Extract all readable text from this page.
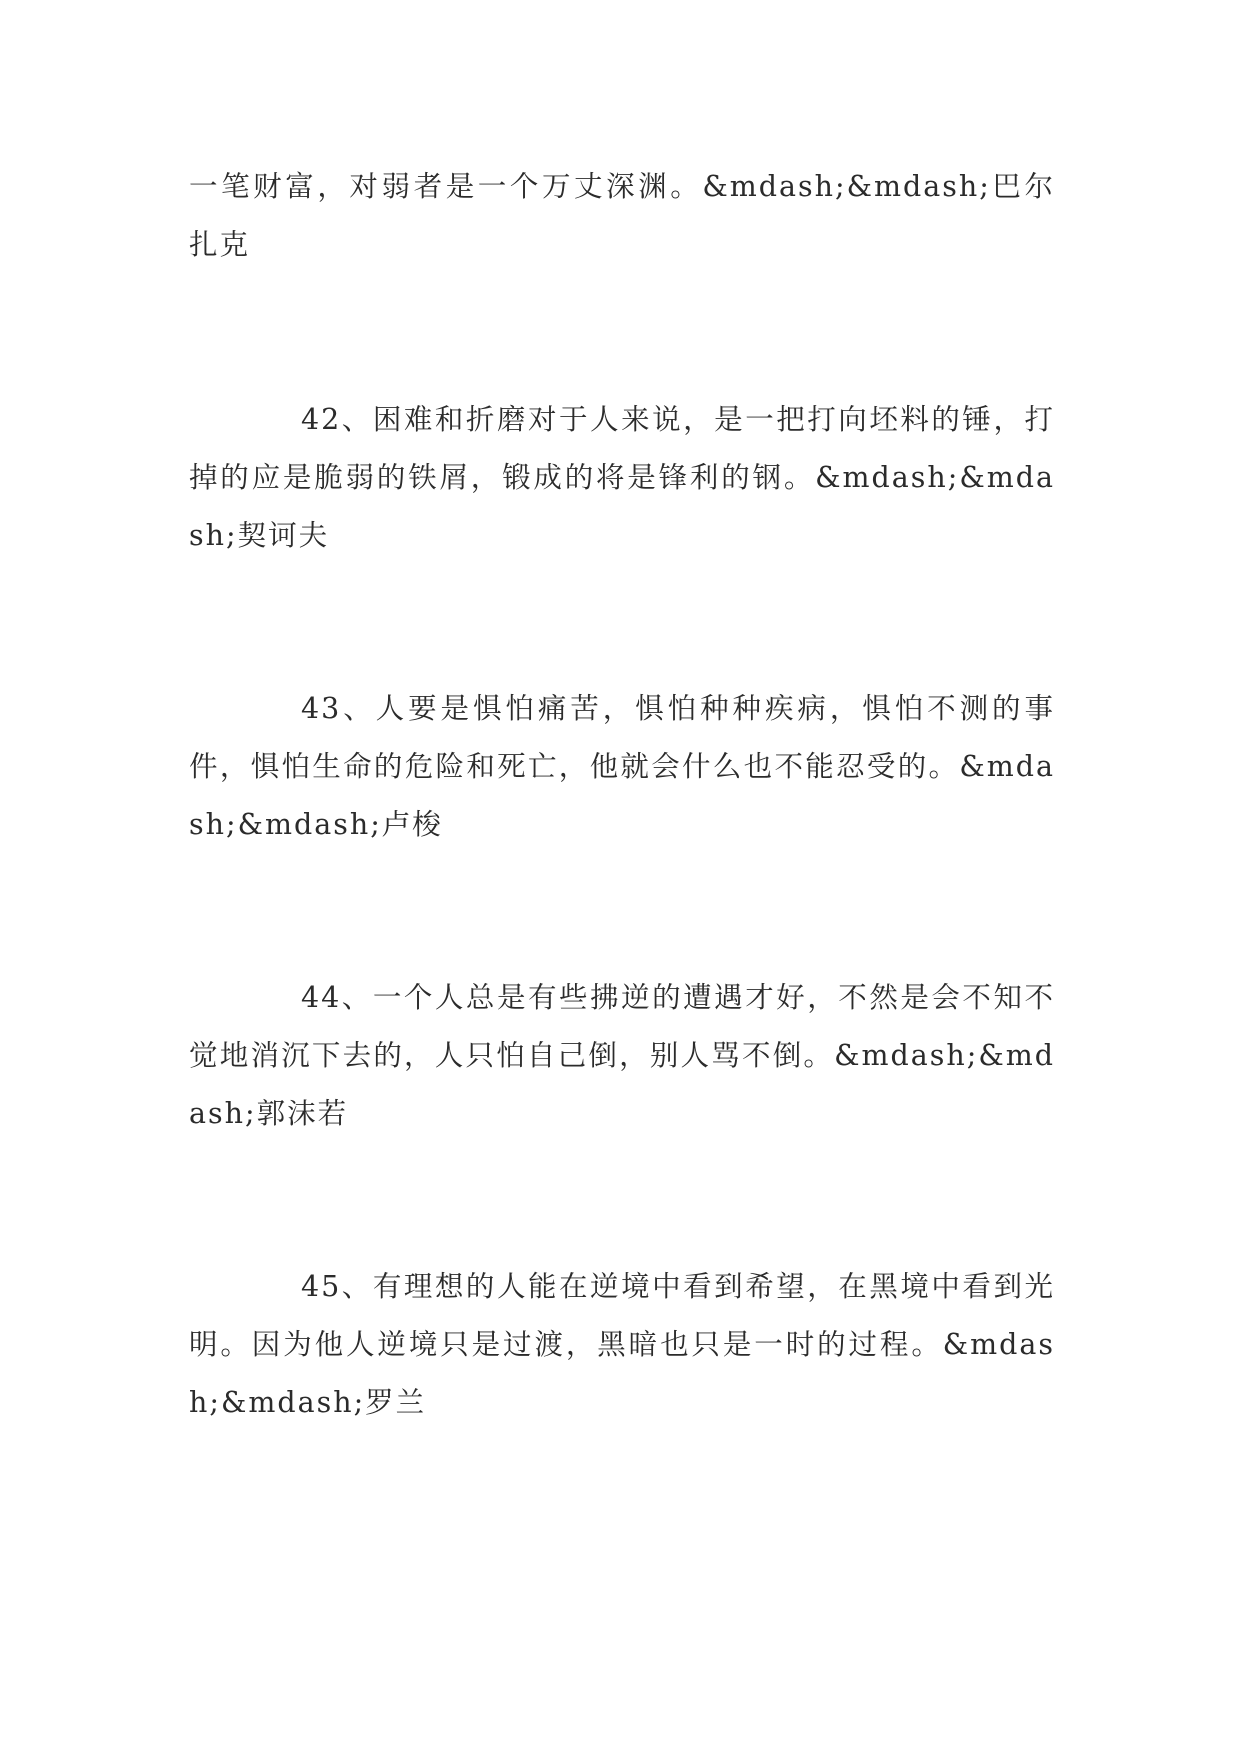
一笔财富，对弱者是一个万丈深渊。&mdash;&mdash;巴尔扎克

42、困难和折磨对于人来说，是一把打向坯料的锤，打掉的应是脆弱的铁屑，锻成的将是锋利的钢。&mdash;&mdash;契诃夫

43、人要是惧怕痛苦，惧怕种种疾病，惧怕不测的事件，惧怕生命的危险和死亡，他就会什么也不能忍受的。&mdash;&mdash;卢梭

44、一个人总是有些拂逆的遭遇才好，不然是会不知不觉地消沉下去的，人只怕自己倒，别人骂不倒。&mdash;&mdash;郭沫若

45、有理想的人能在逆境中看到希望，在黑境中看到光明。因为他人逆境只是过渡，黑暗也只是一时的过程。&mdash;&mdash;罗兰
